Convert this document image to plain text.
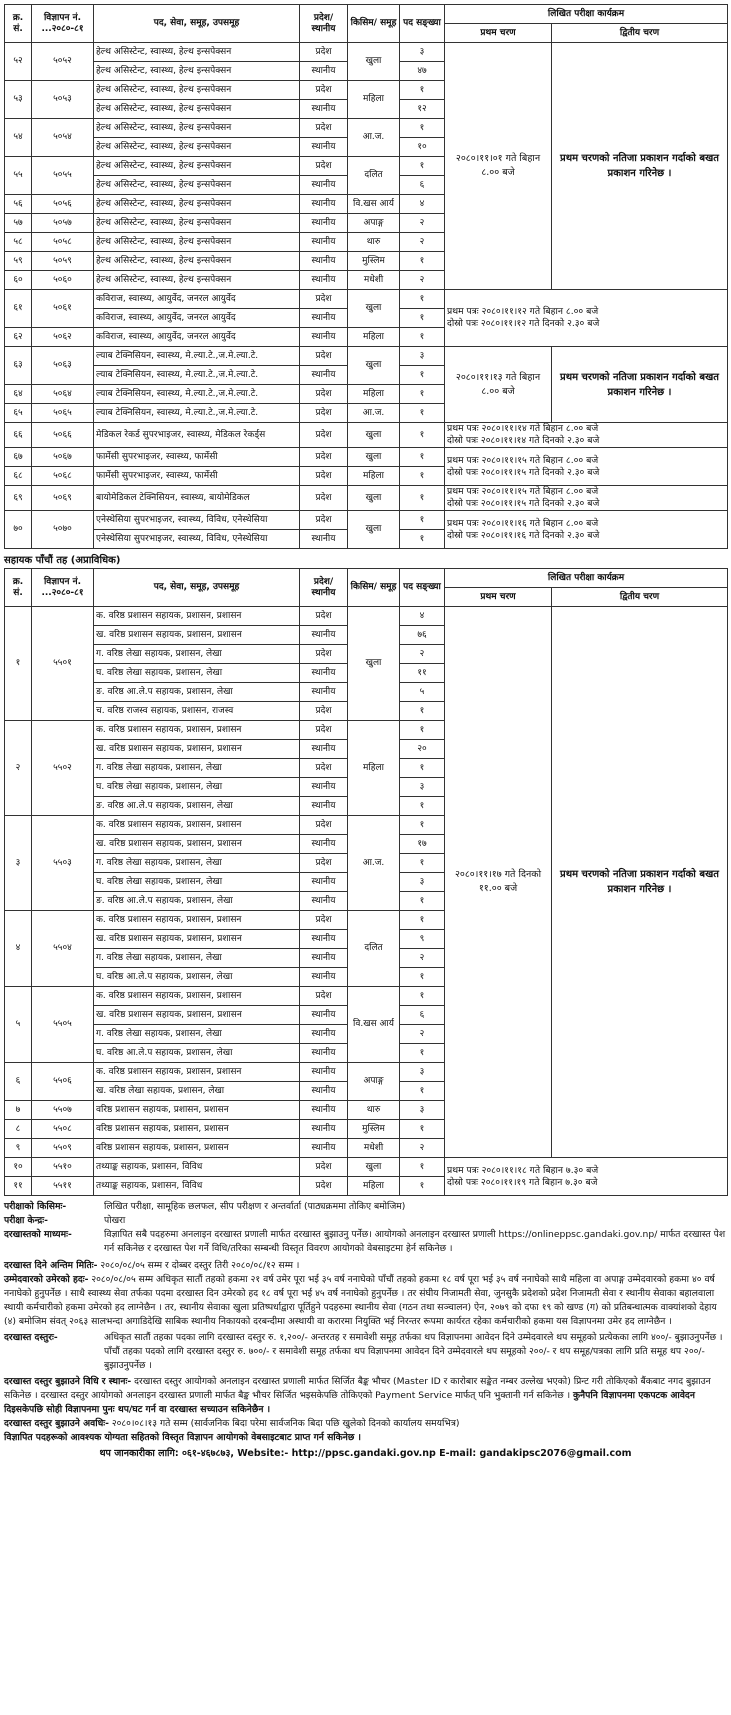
क्र. सं.	विज्ञापन नं. ...२०८०-८१	पद, सेवा, समूह, उपसमूह	प्रदेश/ स्थानीय	किसिम/ समूह	पद सङ्ख्या	लिखित परीक्षा कार्यक्रम	
						प्रथम चरण	द्वितीय चरण
५२	५०५२	हेल्थ असिस्टेन्ट, स्वास्थ्य, हेल्थ इन्सपेक्सन	प्रदेश	खुला	३	२०८०।११।०१ गते बिहान ८.०० बजे	प्रथम चरणको नतिजा प्रकाशन गर्दाको बखत प्रकाशन गरिनेछ ।
		हेल्थ असिस्टेन्ट, स्वास्थ्य, हेल्थ इन्सपेक्सन	स्थानीय		४७		
५३	५०५३	हेल्थ असिस्टेन्ट, स्वास्थ्य, हेल्थ इन्सपेक्सन	प्रदेश	महिला	१		
		हेल्थ असिस्टेन्ट, स्वास्थ्य, हेल्थ इन्सपेक्सन	स्थानीय		१२		
५४	५०५४	हेल्थ असिस्टेन्ट, स्वास्थ्य, हेल्थ इन्सपेक्सन	प्रदेश	आ.ज.	१		
		हेल्थ असिस्टेन्ट, स्वास्थ्य, हेल्थ इन्सपेक्सन	स्थानीय		१०		
५५	५०५५	हेल्थ असिस्टेन्ट, स्वास्थ्य, हेल्थ इन्सपेक्सन	प्रदेश	दलित	१		
		हेल्थ असिस्टेन्ट, स्वास्थ्य, हेल्थ इन्सपेक्सन	स्थानीय		६		
५६	५०५६	हेल्थ असिस्टेन्ट, स्वास्थ्य, हेल्थ इन्सपेक्सन	स्थानीय	वि.खस आर्य	४		
५७	५०५७	हेल्थ असिस्टेन्ट, स्वास्थ्य, हेल्थ इन्सपेक्सन	स्थानीय	अपाङ्ग	२		
५८	५०५८	हेल्थ असिस्टेन्ट, स्वास्थ्य, हेल्थ इन्सपेक्सन	स्थानीय	थारु	२		
५९	५०५९	हेल्थ असिस्टेन्ट, स्वास्थ्य, हेल्थ इन्सपेक्सन	स्थानीय	मुस्लिम	१		
६०	५०६०	हेल्थ असिस्टेन्ट, स्वास्थ्य, हेल्थ इन्सपेक्सन	स्थानीय	मधेशी	२		
६१	५०६१	कविराज, स्वास्थ्य, आयुर्वेद, जनरल आयुर्वेद	प्रदेश	खुला	१	प्रथम पत्रः २०८०।११।१२ गते बिहान ८.०० बजे
दोस्रो पत्रः २०८०।११।१२ गते दिनको २.३० बजे	

		कविराज, स्वास्थ्य, आयुर्वेद, जनरल आयुर्वेद	स्थानीय		१		
६२	५०६२	कविराज, स्वास्थ्य, आयुर्वेद, जनरल आयुर्वेद	स्थानीय	महिला	१		
६३	५०६३	ल्याब टेक्निसियन, स्वास्थ्य, मे.ल्या.टे.,ज.मे.ल्या.टे.	प्रदेश	खुला	३	२०८०।११।१३ गते बिहान ८.०० बजे	प्रथम चरणको नतिजा प्रकाशन गर्दाको बखत प्रकाशन गरिनेछ ।
		ल्याब टेक्निसियन, स्वास्थ्य, मे.ल्या.टे.,ज.मे.ल्या.टे.	स्थानीय		१		
६४	५०६४	ल्याब टेक्निसियन, स्वास्थ्य, मे.ल्या.टे.,ज.मे.ल्या.टे.	प्रदेश	महिला	१		
६५	५०६५	ल्याब टेक्निसियन, स्वास्थ्य, मे.ल्या.टे.,ज.मे.ल्या.टे.	प्रदेश	आ.ज.	१		
६६	५०६६	मेडिकल रेकर्ड सुपरभाइजर, स्वास्थ्य, मेडिकल रेकर्ड्स	प्रदेश	खुला	१	प्रथम पत्रः २०८०।११।१४ गते बिहान ८.०० बजे
दोस्रो पत्रः २०८०।११।१४ गते दिनको २.३० बजे	

६७	५०६७	फार्मेसी सुपरभाइजर, स्वास्थ्य, फार्मेसी	प्रदेश	खुला	१	प्रथम पत्रः २०८०।११।१५ गते बिहान ८.०० बजे
दोस्रो पत्रः २०८०।११।१५ गते दिनको २.३० बजे	

६८	५०६८	फार्मेसी सुपरभाइजर, स्वास्थ्य, फार्मेसी	प्रदेश	महिला	१		
६९	५०६९	बायोमेडिकल टेक्निसियन, स्वास्थ्य, बायोमेडिकल	प्रदेश	खुला	१	प्रथम पत्रः २०८०।११।१५ गते बिहान ८.०० बजे
दोस्रो पत्रः २०८०।११।१५ गते दिनको २.३० बजे	

७०	५०७०	एनेस्थेसिया सुपरभाइजर, स्वास्थ्य, विविध, एनेस्थेसिया	प्रदेश	खुला	१	प्रथम पत्रः २०८०।११।१६ गते बिहान ८.०० बजे
दोस्रो पत्रः २०८०।११।१६ गते दिनको २.३० बजे	

		एनेस्थेसिया सुपरभाइजर, स्वास्थ्य, विविध, एनेस्थेसिया	स्थानीय		१		
सहायक पाँचौं तह (अप्राविधिक)
क्र. सं.	विज्ञापन नं. ...२०८०-८१	पद, सेवा, समूह, उपसमूह	प्रदेश/ स्थानीय	किसिम/ समूह	पद सङ्ख्या	लिखित परीक्षा कार्यक्रम	
						प्रथम चरण	द्वितीय चरण
१	५५०१	क. वरिष्ठ प्रशासन सहायक, प्रशासन, प्रशासन	प्रदेश	खुला	४	२०८०।११।१७ गते दिनको ११.०० बजे	प्रथम चरणको नतिजा प्रकाशन गर्दाको बखत प्रकाशन गरिनेछ ।
		ख. वरिष्ठ प्रशासन सहायक, प्रशासन, प्रशासन	स्थानीय		७६		
		ग. वरिष्ठ लेखा सहायक, प्रशासन, लेखा	प्रदेश		२		
		घ. वरिष्ठ लेखा सहायक, प्रशासन, लेखा	स्थानीय		११		
		ङ. वरिष्ठ आ.ले.प सहायक, प्रशासन, लेखा	स्थानीय		५		
		च. वरिष्ठ राजस्व सहायक, प्रशासन, राजस्व	प्रदेश		१		
२	५५०२	क. वरिष्ठ प्रशासन सहायक, प्रशासन, प्रशासन	प्रदेश	महिला	१		
		ख. वरिष्ठ प्रशासन सहायक, प्रशासन, प्रशासन	स्थानीय		२०		
		ग. वरिष्ठ लेखा सहायक, प्रशासन, लेखा	प्रदेश		१		
		घ. वरिष्ठ लेखा सहायक, प्रशासन, लेखा	स्थानीय		३		
		ङ. वरिष्ठ आ.ले.प सहायक, प्रशासन, लेखा	स्थानीय		१		
३	५५०३	क. वरिष्ठ प्रशासन सहायक, प्रशासन, प्रशासन	प्रदेश	आ.ज.	१		
		ख. वरिष्ठ प्रशासन सहायक, प्रशासन, प्रशासन	स्थानीय		१७		
		ग. वरिष्ठ लेखा सहायक, प्रशासन, लेखा	प्रदेश		१		
		घ. वरिष्ठ लेखा सहायक, प्रशासन, लेखा	स्थानीय		३		
		ङ. वरिष्ठ आ.ले.प सहायक, प्रशासन, लेखा	स्थानीय		१		
४	५५०४	क. वरिष्ठ प्रशासन सहायक, प्रशासन, प्रशासन	प्रदेश	दलित	१		
		ख. वरिष्ठ प्रशासन सहायक, प्रशासन, प्रशासन	स्थानीय		९		
		ग. वरिष्ठ लेखा सहायक, प्रशासन, लेखा	स्थानीय		२		
		घ. वरिष्ठ आ.ले.प सहायक, प्रशासन, लेखा	स्थानीय		१		
५	५५०५	क. वरिष्ठ प्रशासन सहायक, प्रशासन, प्रशासन	प्रदेश	वि.खस आर्य	१		
		ख. वरिष्ठ प्रशासन सहायक, प्रशासन, प्रशासन	स्थानीय		६		
		ग. वरिष्ठ लेखा सहायक, प्रशासन, लेखा	स्थानीय		२		
		घ. वरिष्ठ आ.ले.प सहायक, प्रशासन, लेखा	स्थानीय		१		
६	५५०६	क. वरिष्ठ प्रशासन सहायक, प्रशासन, प्रशासन	स्थानीय	अपाङ्ग	३		
		ख. वरिष्ठ लेखा सहायक, प्रशासन, लेखा	स्थानीय		१		
७	५५०७	वरिष्ठ प्रशासन सहायक, प्रशासन, प्रशासन	स्थानीय	थारु	३		
८	५५०८	वरिष्ठ प्रशासन सहायक, प्रशासन, प्रशासन	स्थानीय	मुस्लिम	१		
९	५५०९	वरिष्ठ प्रशासन सहायक, प्रशासन, प्रशासन	स्थानीय	मधेशी	२		
१०	५५१०	तथ्याङ्क सहायक, प्रशासन, विविध	प्रदेश	खुला	१	प्रथम पत्रः २०८०।११।१८ गते बिहान ७.३० बजे
दोस्रो पत्रः २०८०।११।१९ गते बिहान ७.३० बजे	

११	५५११	तथ्याङ्क सहायक, प्रशासन, विविध	प्रदेश	महिला	१		
परीक्षाको किसिमः-	लिखित परीक्षा, सामूहिक छलफल, सीप परीक्षण र अन्तर्वार्ता (पाठ्यक्रममा तोकिए बमोजिम)
परीक्षा केन्द्रः-	पोखरा
दरखास्तको माध्यमः-	विज्ञापित सबै पदहरुमा अनलाइन दरखास्त प्रणाली मार्फत दरखास्त बुझाउनु पर्नेछ। आयोगको अनलाइन दरखास्त प्रणाली https://onlineppsc.gandaki.gov.np/ मार्फत दरखास्त पेश गर्न सकिनेछ र दरखास्त पेश गर्ने विधि/तरिका सम्बन्धी विस्तृत विवरण आयोगको वेबसाइटमा हेर्न सकिनेछ ।

दरखास्त दिने अन्तिम मितिः- २०८०/०८/०५ सम्म र दोब्बर दस्तुर तिरी २०८०/०८/१२ सम्म ।

उम्मेदवारको उमेरको हदः- २०८०/०८/०५ सम्म अधिकृत सातौं तहको हकमा २१ वर्ष उमेर पूरा भई ३५ वर्ष ननाघेको पाँचौं तहको हकमा १८ वर्ष पूरा भई ३५ वर्ष ननाघेको साथै महिला वा अपाङ्ग उम्मेदवारको हकमा ४० वर्ष ननाघेको हुनुपर्नेछ । साथै स्वास्थ्य सेवा तर्फका पदमा दरखास्त दिन उमेरको हद १८ वर्ष पूरा भई ४५ वर्ष ननाघेको हुनुपर्नेछ । तर संघीय निजामती सेवा, जुनसुकै प्रदेशको प्रदेश निजामती सेवा र स्थानीय सेवाका बहालवाला स्थायी कर्मचारीको हकमा उमेरको हद लाग्नेछैन । तर, स्थानीय सेवाका खुला प्रतिष्पर्धाद्वारा पूर्तिहुने पदहरुमा स्थानीय सेवा (गठन तथा सञ्चालन) ऐन, २०७९ को दफा १९ को खण्ड (ग) को प्रतिबन्धात्मक वाक्यांशको देहाय (४) बमोजिम संवत् २०६३ सालभन्दा अगाडिदेखि साबिक स्थानीय निकायको दरबन्दीमा अस्थायी वा करारमा नियुक्ति भई निरन्तर रूपमा कार्यरत रहेका कर्मचारीको हकमा यस विज्ञापनमा उमेर हद लाग्नेछैन ।

दरखास्त दस्तुरः-	अधिकृत सातौं तहका पदका लागि दरखास्त दस्तुर रु. १,२००/- अन्तरतह र समावेशी समूह तर्फका थप विज्ञापनमा आवेदन दिने उम्मेदवारले थप समूहको प्रत्येकका लागि ४००/- बुझाउनुपर्नेछ ।
पाँचौं तहका पदको लागि दरखास्त दस्तुर रु. ७००/- र समावेशी समूह तर्फका थप विज्ञापनमा आवेदन दिने उम्मेदवारले थप समूहको २००/- र थप समूह/पत्रका लागि प्रति समूह थप २००/- बुझाउनुपर्नेछ ।

दरखास्त दस्तुर बुझाउने विधि र स्थानः- दरखास्त दस्तुर आयोगको अनलाइन दरखास्त प्रणाली मार्फत सिर्जित बैङ्क भौचर (Master ID र कारोबार सङ्केत नम्बर उल्लेख भएको) प्रिन्ट गरी तोकिएको बैंकबाट नगद बुझाउन सकिनेछ । दरखास्त दस्तुर आयोगको अनलाइन दरखास्त प्रणाली मार्फत बैङ्क भौचर सिर्जित भइसकेपछि तोकिएको Payment Service मार्फत् पनि भुक्तानी गर्न सकिनेछ । कुनैपनि विज्ञापनमा एकपटक आवेदन दिइसकेपछि सोही विज्ञापनमा पुनः थप/घट गर्न वा दरखास्त सच्याउन सकिनेछैन ।

दरखास्त दस्तुर बुझाउने अवधिः- २०८०।०८।१३ गते सम्म (सार्वजनिक बिदा परेमा सार्वजनिक बिदा पछि खुलेको दिनको कार्यालय समयभित्र)

विज्ञापित पदहरूको आवश्यक योग्यता सहितको विस्तृत विज्ञापन आयोगको वेबसाइटबाट प्राप्त गर्न सकिनेछ ।

थप जानकारीका लागि: ०६१-४६७८७३, Website:- http://ppsc.gandaki.gov.np E-mail: gandakipsc2076@gmail.com
